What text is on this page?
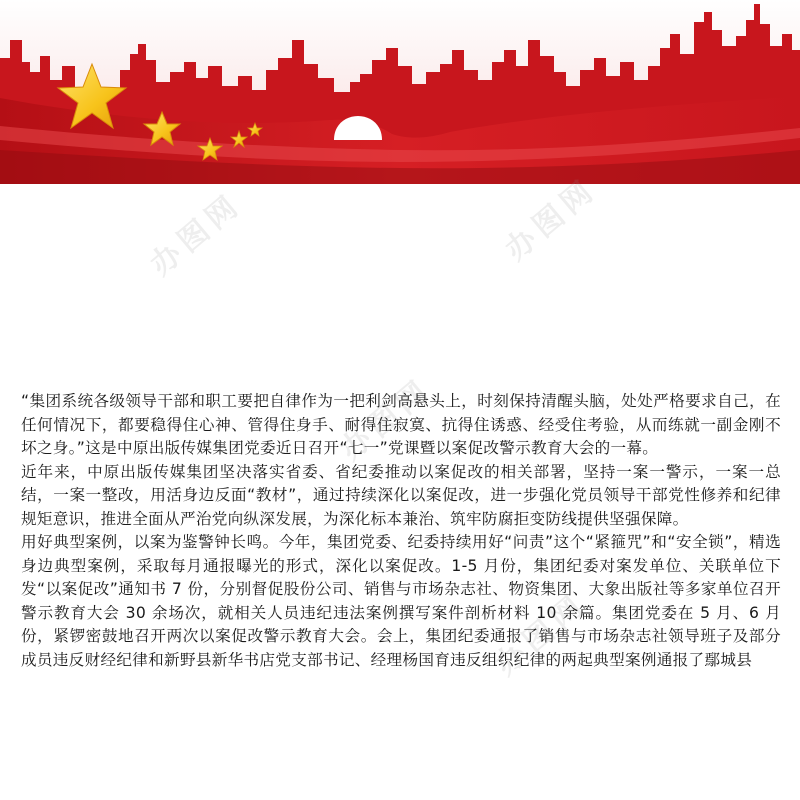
办图网	办图网
办图网
办图网

“集团系统各级领导干部和职工要把自律作为一把利剑高悬头上，时刻保持清醒头脑，处处严格要求自己，在任何情况下，都要稳得住心神、管得住身手、耐得住寂寞、抗得住诱惑、经受住考验，从而练就一副金刚不坏之身。”这是中原出版传媒集团党委近日召开“七一”党课暨以案促改警示教育大会的一幕。

近年来，中原出版传媒集团坚决落实省委、省纪委推动以案促改的相关部署，坚持一案一警示，一案一总结，一案一整改，用活身边反面“教材”，通过持续深化以案促改，进一步强化党员领导干部党性修养和纪律规矩意识，推进全面从严治党向纵深发展，为深化标本兼治、筑牢防腐拒变防线提供坚强保障。

用好典型案例，以案为鉴警钟长鸣。今年，集团党委、纪委持续用好“问责”这个“紧箍咒”和“安全锁”，精选身边典型案例，采取每月通报曝光的形式，深化以案促改。1-5 月份，集团纪委对案发单位、关联单位下发“以案促改”通知书 7 份，分别督促股份公司、销售与市场杂志社、物资集团、大象出版社等多家单位召开警示教育大会 30 余场次，就相关人员违纪违法案例撰写案件剖析材料 10 余篇。集团党委在 5 月、6 月份，紧锣密鼓地召开两次以案促改警示教育大会。会上，集团纪委通报了销售与市场杂志社领导班子及部分成员违反财经纪律和新野县新华书店党支部书记、经理杨国育违反组织纪律的两起典型案例通报了鄢城县
